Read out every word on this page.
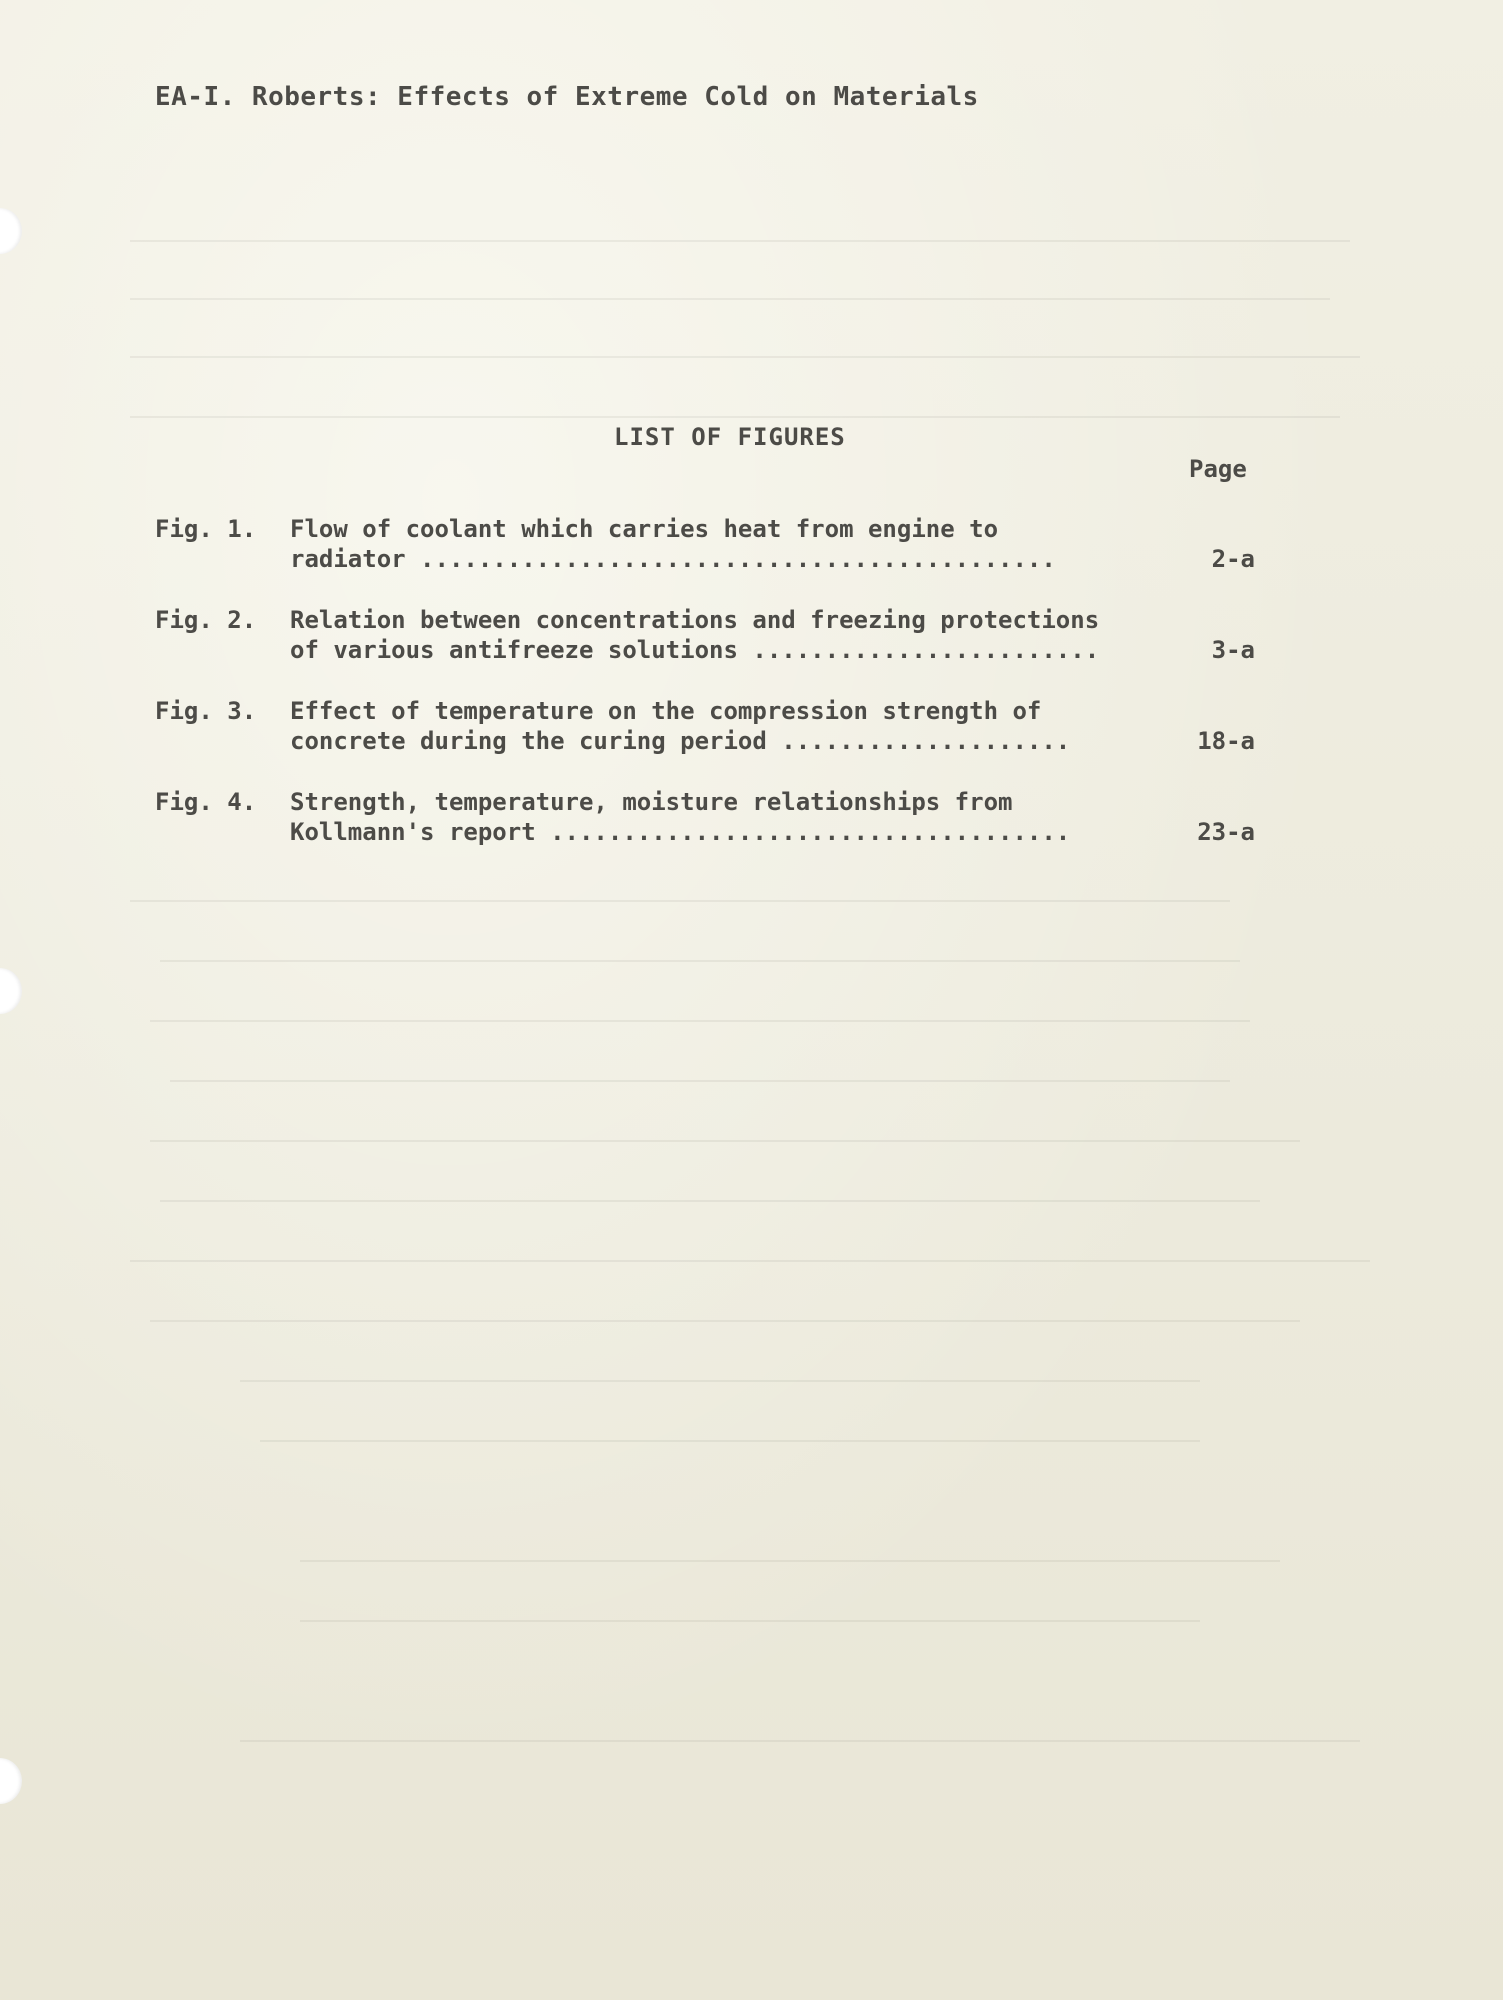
EA-I. Roberts: Effects of Extreme Cold on Materials
LIST OF FIGURES
Page
Fig. 1. Flow of coolant which carries heat from engine to
radiator ............................................	2-a
Fig. 2. Relation between concentrations and freezing protections
of various antifreeze solutions ........................	3-a
Fig. 3. Effect of temperature on the compression strength of
concrete during the curing period ....................	18-a
Fig. 4. Strength, temperature, moisture relationships from
Kollmann's report ....................................	23-a
